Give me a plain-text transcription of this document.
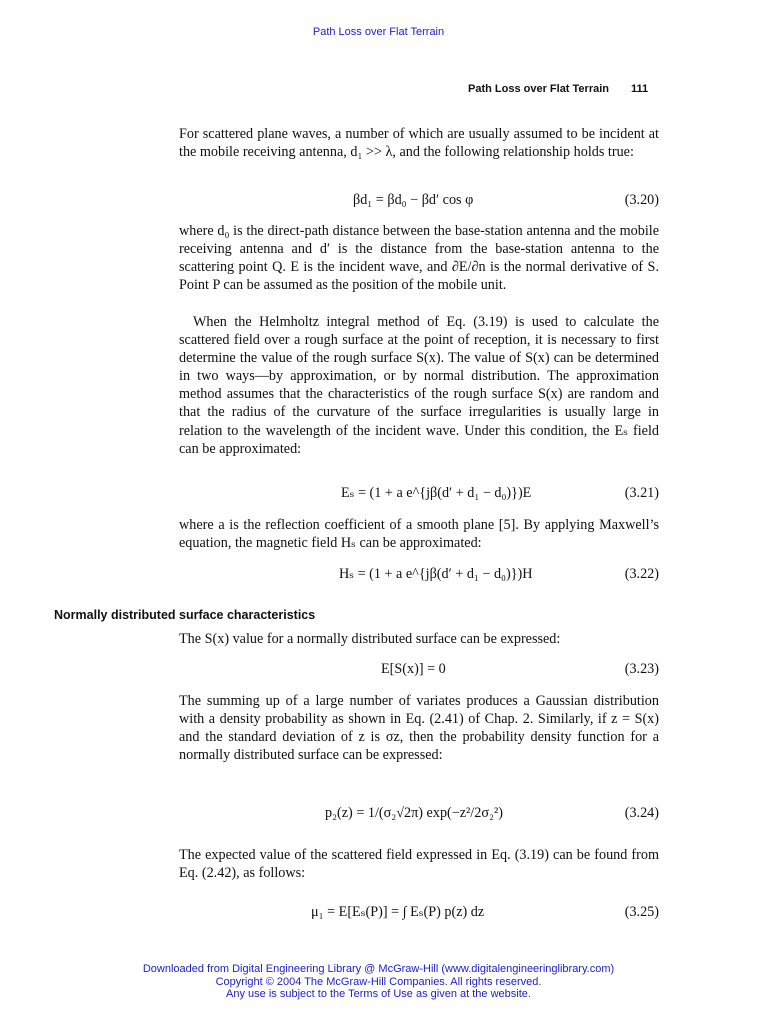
Path Loss over Flat Terrain
Path Loss over Flat Terrain 111
For scattered plane waves, a number of which are usually assumed to be incident at the mobile receiving antenna, d₁ >> λ, and the following relationship holds true:
βd₁ = βd₀ − βd′ cos φ	(3.20)
where d₀ is the direct-path distance between the base-station antenna and the mobile receiving antenna and d′ is the distance from the base-station antenna to the scattering point Q. E is the incident wave, and ∂E/∂n is the normal derivative of S. Point P can be assumed as the position of the mobile unit.
When the Helmholtz integral method of Eq. (3.19) is used to calculate the scattered field over a rough surface at the point of reception, it is necessary to first determine the value of the rough surface S(x). The value of S(x) can be determined in two ways—by approximation, or by normal distribution. The approximation method assumes that the characteristics of the rough surface S(x) are random and that the radius of the curvature of the surface irregularities is usually large in relation to the wavelength of the incident wave. Under this condition, the Eₛ field can be approximated:
Eₛ = (1 + a e^{jβ(d′ + d₁ − d₀)})E	(3.21)
where a is the reflection coefficient of a smooth plane [5]. By applying Maxwell’s equation, the magnetic field Hₛ can be approximated:
Hₛ = (1 + a e^{jβ(d′ + d₁ − d₀)})H	(3.22)
Normally distributed surface characteristics
The S(x) value for a normally distributed surface can be expressed:
E[S(x)] = 0	(3.23)
The summing up of a large number of variates produces a Gaussian distribution with a density probability as shown in Eq. (2.41) of Chap. 2. Similarly, if z = S(x) and the standard deviation of z is σz, then the probability density function for a normally distributed surface can be expressed:
p₂(z) = 1/(σ₂√2π) exp(−z²/2σ₂²)	(3.24)
The expected value of the scattered field expressed in Eq. (3.19) can be found from Eq. (2.42), as follows:
μ₁ = E[Eₛ(P)] = ∫ Eₛ(P) p(z) dz	(3.25)
Downloaded from Digital Engineering Library @ McGraw-Hill (www.digitalengineeringlibrary.com)
Copyright © 2004 The McGraw-Hill Companies. All rights reserved.
Any use is subject to the Terms of Use as given at the website.
